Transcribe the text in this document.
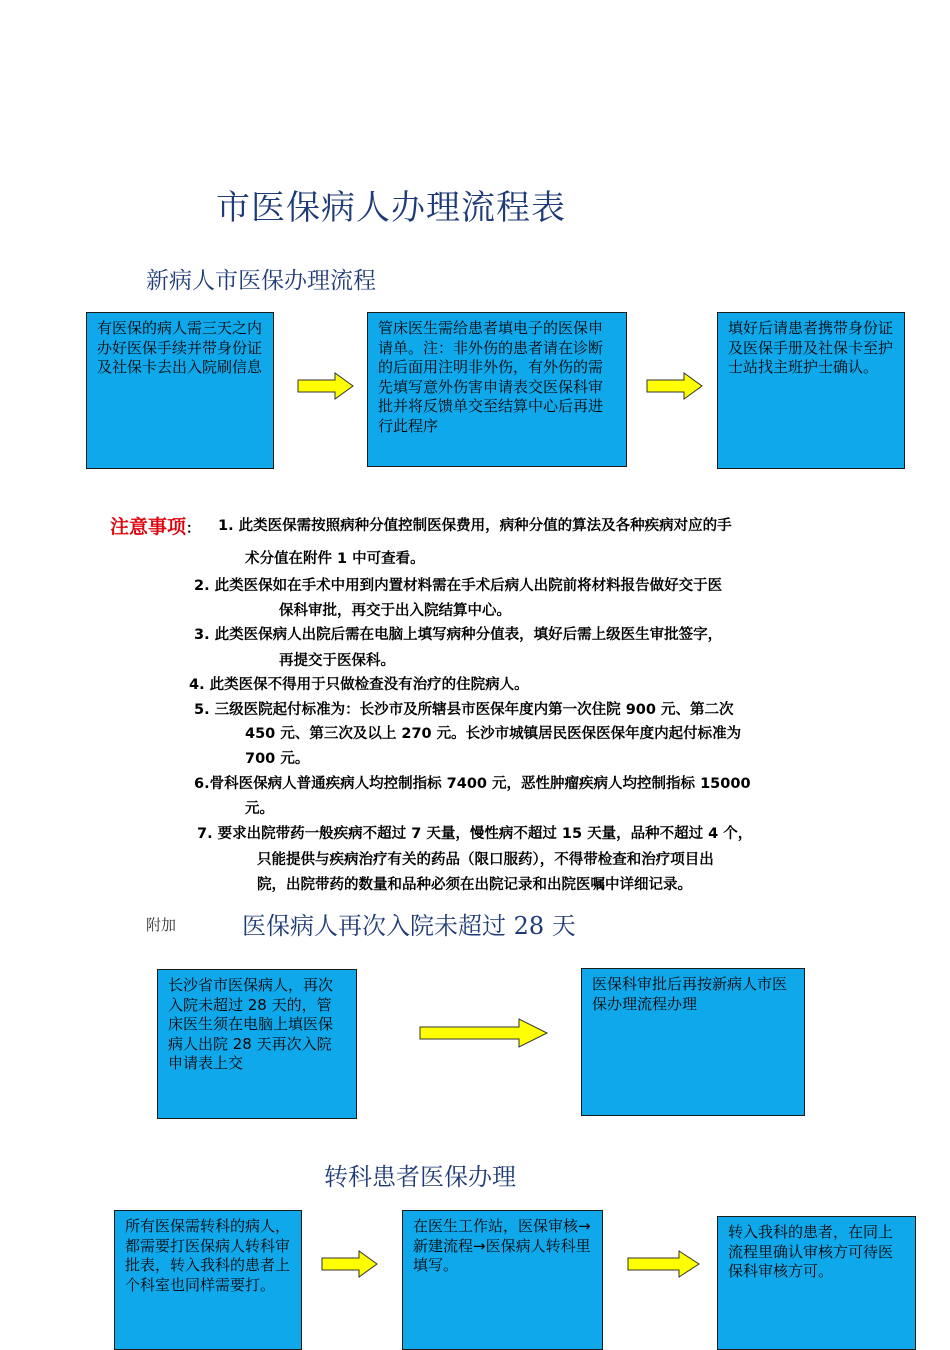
市医保病人办理流程表
新病人市医保办理流程
有医保的病人需三天之内办好医保手续并带身份证及社保卡去出入院刷信息
管床医生需给患者填电子的医保申请单。注：非外伤的患者请在诊断的后面用注明非外伤，有外伤的需先填写意外伤害申请表交医保科审批并将反馈单交至结算中心后再进行此程序
填好后请患者携带身份证及医保手册及社保卡至护士站找主班护士确认。
注意事项： 1. 此类医保需按照病种分值控制医保费用，病种分值的算法及各种疾病对应的手
术分值在附件 1 中可查看。
2. 此类医保如在手术中用到内置材料需在手术后病人出院前将材料报告做好交于医
保科审批，再交于出入院结算中心。
3. 此类医保病人出院后需在电脑上填写病种分值表，填好后需上级医生审批签字，
再提交于医保科。
4. 此类医保不得用于只做检查没有治疗的住院病人。
5. 三级医院起付标准为：长沙市及所辖县市医保年度内第一次住院 900 元、第二次
450 元、第三次及以上 270 元。长沙市城镇居民医保医保年度内起付标准为
700 元。
6.骨科医保病人普通疾病人均控制指标 7400 元，恶性肿瘤疾病人均控制指标 15000
元。
7. 要求出院带药一般疾病不超过 7 天量，慢性病不超过 15 天量，品种不超过 4 个，
只能提供与疾病治疗有关的药品（限口服药），不得带检查和治疗项目出
院，出院带药的数量和品种必须在出院记录和出院医嘱中详细记录。
附加	医保病人再次入院未超过 28 天
长沙省市医保病人，再次入院未超过 28 天的，管床医生须在电脑上填医保病人出院 28 天再次入院申请表上交
医保科审批后再按新病人市医保办理流程办理
转科患者医保办理
所有医保需转科的病人，都需要打医保病人转科审批表，转入我科的患者上个科室也同样需要打。
在医生工作站，医保审核→新建流程→医保病人转科里填写。
转入我科的患者，在同上流程里确认审核方可待医保科审核方可。
